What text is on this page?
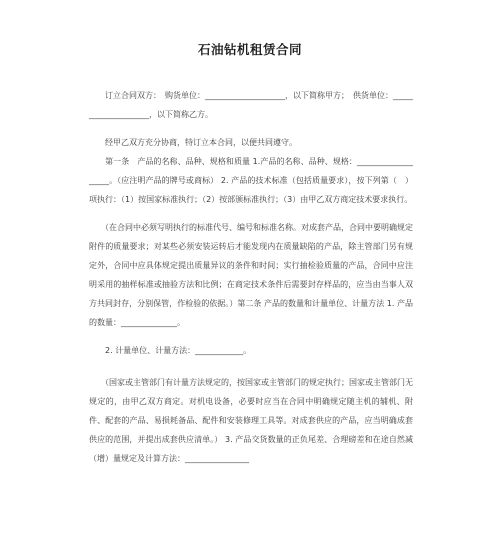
石油钻机租赁合同

　　订立合同双方：　购货单位：____________________，以下简称甲方；　供货单位：____________________，以下简称乙方。

　　经甲乙双方充分协商，特订立本合同，以便共同遵守。

　　第一条　产品的名称、品种、规格和质量 1.产品的名称、品种、规格：___________________。（应注明产品的牌号或商标） 2. 产品的技术标准（包括质量要求），按下列第（　）项执行：（1）按国家标准执行；（2）按部颁标准执行；（3）由甲乙双方商定技术要求执行。

　　（在合同中必须写明执行的标准代号、编号和标准名称。对成套产品，合同中要明确规定附件的质量要求；对某些必须安装运转后才能发现内在质量缺陷的产品，除主管部门另有规定外，合同中应具体规定提出质量异议的条件和时间；实行抽检验质量的产品，合同中应注明采用的抽样标准或抽验方法和比例；在商定技术条件后需要封存样品的，应当由当事人双方共同封存，分别保管，作检验的依据。）第二条 产品的数量和计量单位、计量方法 1. 产品的数量：______________。

　　2. 计量单位、计量方法：____________。

　　（国家或主管部门有计量方法规定的，按国家或主管部门的规定执行；国家或主管部门无规定的，由甲乙双方商定。对机电设备，必要时应当在合同中明确规定随主机的辅机、附件、配套的产品、易损耗备品、配件和安装修理工具等。对成套供应的产品，应当明确成套供应的范围，并提出成套供应清单。） 3. 产品交货数量的正负尾差、合理磅差和在途自然减（增）量规定及计算方法：________________
